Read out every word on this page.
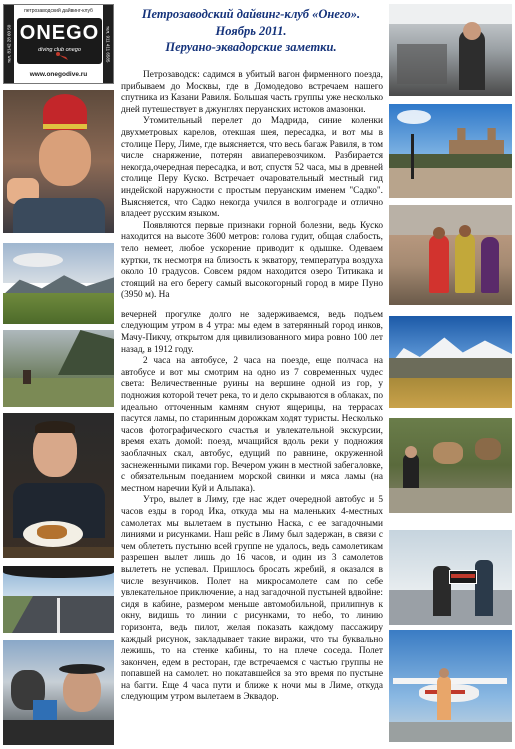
тел. 8142 28 60 50	тел. 911 411 6585
петрозаводский дайвинг-клуб
ONEGO
diving club onego
www.onegodive.ru
Петрозаводский дайвинг-клуб «Онего».
Ноябрь 2011.
Перуано-эквадорские заметки.

Петрозаводск: садимся в убитый вагон фирменного поезда, прибываем до Москвы, где в Домодедово встречаем нашего спутника из Казани Равиля. Большая часть группы уже несколько дней путешествует в джунглях перуанских истоков амазонки.

Утомительный перелет до Мадрида, синие коленки двухметровых карелов, отекшая шея, пересадка, и вот мы в столице Перу, Лиме, где выясняется, что весь багаж Равиля, в том числе снаряжение, потерян авиаперевозчиком. Разбирается некогда,очередная пересадка, и вот, спустя 52 часа, мы в древней столице Перу Куско. Встречает очаровательный местный гид индейской наружности с простым перуанским именем "Садко". Выясняется, что Садко некогда учился в волгограде и отлично владеет русским языком.

Появляются первые признаки горной болезни, ведь Куско находится на высоте 3600 метров: голова гудит, общая слабость, тело немеет, любое ускорение приводит к одышке. Одеваем куртки, тк несмотря на близость к экватору, температура воздуха около 10 градусов. Совсем рядом находится озеро Титикака и стоящий на его берегу самый высокогорный город в мире Пуно (3950 м). На

вечерней прогулке долго не задерживаемся, ведь подъем следующим утром в 4 утра: мы едем в затерянный город инков, Мачу-Пикчу, открытом для цивилизованного мира ровно 100 лет назад, в 1912 году.

2 часа на автобусе, 2 часа на поезде, еще полчаса на автобусе и вот мы смотрим на одно из 7 современных чудес света: Величественные руины на вершине одной из гор, у подножия которой течет река, то и дело скрываются в облаках, по идеально отточенным камням снуют ящерицы, на террасах пасутся ламы, по старинным дорожкам ходят туристы. Несколько часов фотографического счастья и увлекательной экскурсии, время ехать домой: поезд, мчащийся вдоль реки у подножия заоблачных скал, автобус, едущий по равнине, окруженной заснеженными пиками гор. Вечером ужин в местной забегаловке, с обязательным поеданием морской свинки и мяса ламы (на местном наречии Куй и Альпака).

Утро, вылет в Лиму, где нас ждет очередной автобус и 5 часов езды в город Ика, откуда мы на маленьких 4-местных самолетах мы вылетаем в пустыню Наска, с ее загадочными линиями и рисунками. Наш рейс в Лиму был задержан, в связи с чем облететь пустыню всей группе не удалось, ведь самолетикам разрешен вылет лишь до 16 часов, и один из 3 самолетов вылететь не успевал. Пришлось бросать жребий, я оказался в числе везунчиков. Полет на микросамолете сам по себе увлекательное приключение, а над загадочной пустыней вдвойне: сидя в кабине, размером меньше автомобильной, прилипнув к окну, видишь то линии с рисунками, то небо, то линию горизонта, ведь пилот, желая показать каждому пассажиру каждый рисунок, закладывает такие виражи, что ты буквально лежишь, то на стенке кабины, то на плече соседа. Полет закончен, едем в ресторан, где встречаемся с частью группы не попавшей на самолет. но покатавшейся за это время по пустыне на багги. Еще 4 часа пути и ближе к ночи мы в Лиме, откуда следующим утром вылетаем в Эквадор.
